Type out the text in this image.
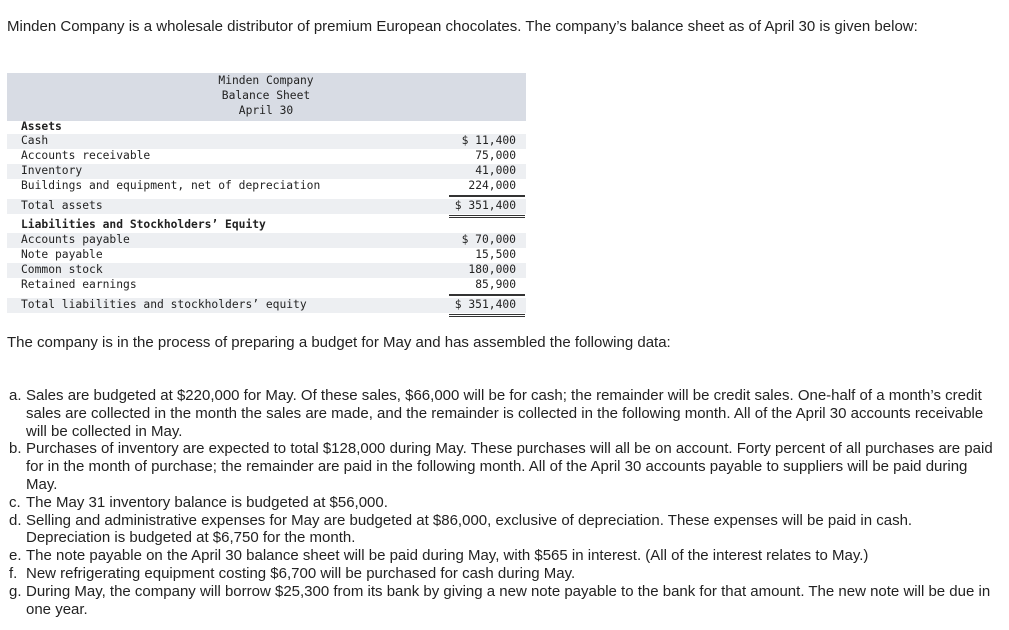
Minden Company is a wholesale distributor of premium European chocolates. The company’s balance sheet as of April 30 is given below:
Minden Company
Balance Sheet
April 30
Assets
Cash	$ 11,400
Accounts receivable	75,000
Inventory	41,000
Buildings and equipment, net of depreciation	224,000
Total assets	$ 351,400
Liabilities and Stockholders’ Equity
Accounts payable	$ 70,000
Note payable	15,500
Common stock	180,000
Retained earnings	85,900
Total liabilities and stockholders’ equity	$ 351,400
The company is in the process of preparing a budget for May and has assembled the following data:
a. Sales are budgeted at $220,000 for May. Of these sales, $66,000 will be for cash; the remainder will be credit sales. One-half of a month’s credit sales are collected in the month the sales are made, and the remainder is collected in the following month. All of the April 30 accounts receivable will be collected in May.
b. Purchases of inventory are expected to total $128,000 during May. These purchases will all be on account. Forty percent of all purchases are paid for in the month of purchase; the remainder are paid in the following month. All of the April 30 accounts payable to suppliers will be paid during May.
c. The May 31 inventory balance is budgeted at $56,000.
d. Selling and administrative expenses for May are budgeted at $86,000, exclusive of depreciation. These expenses will be paid in cash. Depreciation is budgeted at $6,750 for the month.
e. The note payable on the April 30 balance sheet will be paid during May, with $565 in interest. (All of the interest relates to May.)
f. New refrigerating equipment costing $6,700 will be purchased for cash during May.
g. During May, the company will borrow $25,300 from its bank by giving a new note payable to the bank for that amount. The new note will be due in one year.
